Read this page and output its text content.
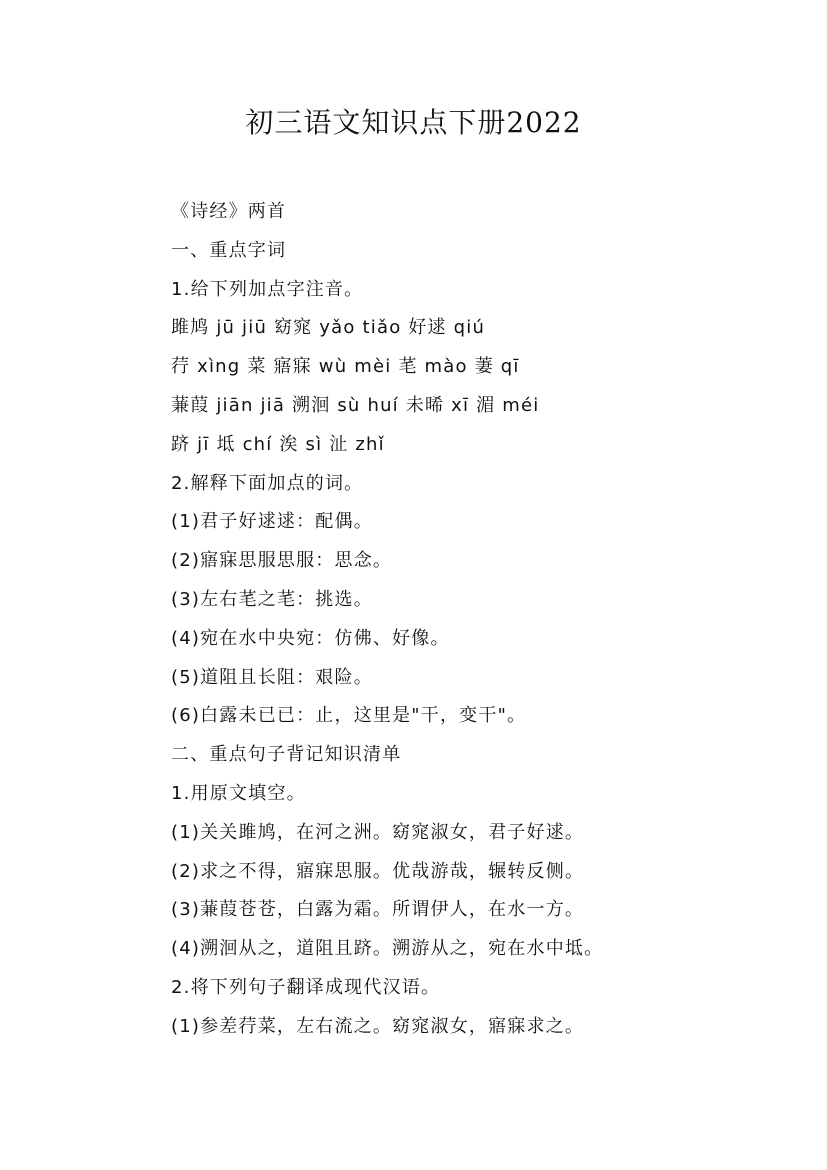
初三语文知识点下册2022

《诗经》两首

一、重点字词

1.给下列加点字注音。

雎鸠 jū jiū 窈窕 yǎo tiǎo 好逑 qiú

荇 xìng 菜 寤寐 wù mèi 芼 mào 萋 qī

蒹葭 jiān jiā 溯洄 sù huí 未晞 xī 湄 méi

跻 jī 坻 chí 涘 sì 沚 zhǐ

2.解释下面加点的词。

(1)君子好逑逑：配偶。

(2)寤寐思服思服：思念。

(3)左右芼之芼：挑选。

(4)宛在水中央宛：仿佛、好像。

(5)道阻且长阻：艰险。

(6)白露未已已：止，这里是"干，变干"。

二、重点句子背记知识清单

1.用原文填空。

(1)关关雎鸠，在河之洲。窈窕淑女，君子好逑。

(2)求之不得，寤寐思服。优哉游哉，辗转反侧。

(3)蒹葭苍苍，白露为霜。所谓伊人，在水一方。

(4)溯洄从之，道阻且跻。溯游从之，宛在水中坻。

2.将下列句子翻译成现代汉语。

(1)参差荇菜，左右流之。窈窕淑女，寤寐求之。
